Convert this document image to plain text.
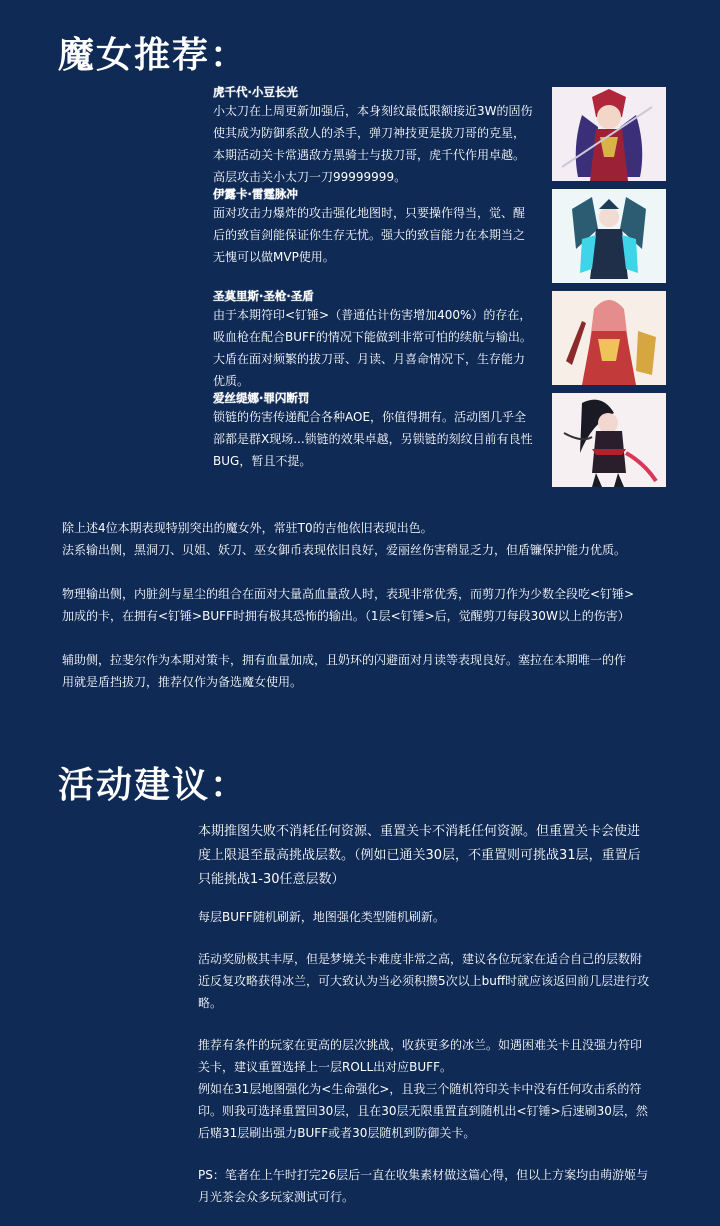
魔女推荐：
虎千代·小豆长光
小太刀在上周更新加强后，本身刻纹最低限额接近3W的固伤使其成为防御系敌人的杀手，弹刀神技更是拔刀哥的克星，本期活动关卡常遇敌方黑骑士与拔刀哥，虎千代作用卓越。高层攻击关小太刀一刀99999999。
伊露卡·雷霆脉冲
面对攻击力爆炸的攻击强化地图时，只要操作得当，觉、醒后的致盲剑能保证你生存无忧。强大的致盲能力在本期当之无愧可以做MVP使用。
圣莫里斯·圣枪·圣盾
由于本期符印<钉锤>（普通估计伤害增加400%）的存在，吸血枪在配合BUFF的情况下能做到非常可怕的续航与输出。大盾在面对频繁的拔刀哥、月读、月喜命情况下，生存能力优质。
爱丝缇娜·罪闪断罚
锁链的伤害传递配合各种AOE，你值得拥有。活动图几乎全部都是群X现场...锁链的效果卓越，另锁链的刻纹目前有良性BUG，暂且不提。

除上述4位本期表现特别突出的魔女外，常驻T0的吉他依旧表现出色。

法系输出侧，黑洞刀、贝姐、妖刀、巫女御币表现依旧良好，爱丽丝伤害稍显乏力，但盾镰保护能力优质。

物理输出侧，内脏剑与星尘的组合在面对大量高血量敌人时，表现非常优秀，而剪刀作为少数全段吃<钉锤>

加成的卡，在拥有<钉锤>BUFF时拥有极其恐怖的输出。（1层<钉锤>后，觉醒剪刀每段30W以上的伤害）

辅助侧，拉斐尔作为本期对策卡，拥有血量加成，且奶环的闪避面对月读等表现良好。塞拉在本期唯一的作

用就是盾挡拔刀，推荐仅作为备选魔女使用。

活动建议：
本期推图失败不消耗任何资源、重置关卡不消耗任何资源。但重置关卡会使进度上限退至最高挑战层数。（例如已通关30层，不重置则可挑战31层，重置后只能挑战1-30任意层数）
每层BUFF随机刷新，地图强化类型随机刷新。
活动奖励极其丰厚，但是梦境关卡难度非常之高，建议各位玩家在适合自己的层数附近反复攻略获得冰兰，可大致认为当必须积攒5次以上buff时就应该返回前几层进行攻略。
推荐有条件的玩家在更高的层次挑战，收获更多的冰兰。如遇困难关卡且没强力符印关卡，建议重置选择上一层ROLL出对应BUFF。
例如在31层地图强化为<生命强化>，且我三个随机符印关卡中没有任何攻击系的符印。则我可选择重置回30层，且在30层无限重置直到随机出<钉锤>后速刷30层，然后赌31层刷出强力BUFF或者30层随机到防御关卡。
PS：笔者在上午时打完26层后一直在收集素材做这篇心得，但以上方案均由萌游姬与月光茶会众多玩家测试可行。
